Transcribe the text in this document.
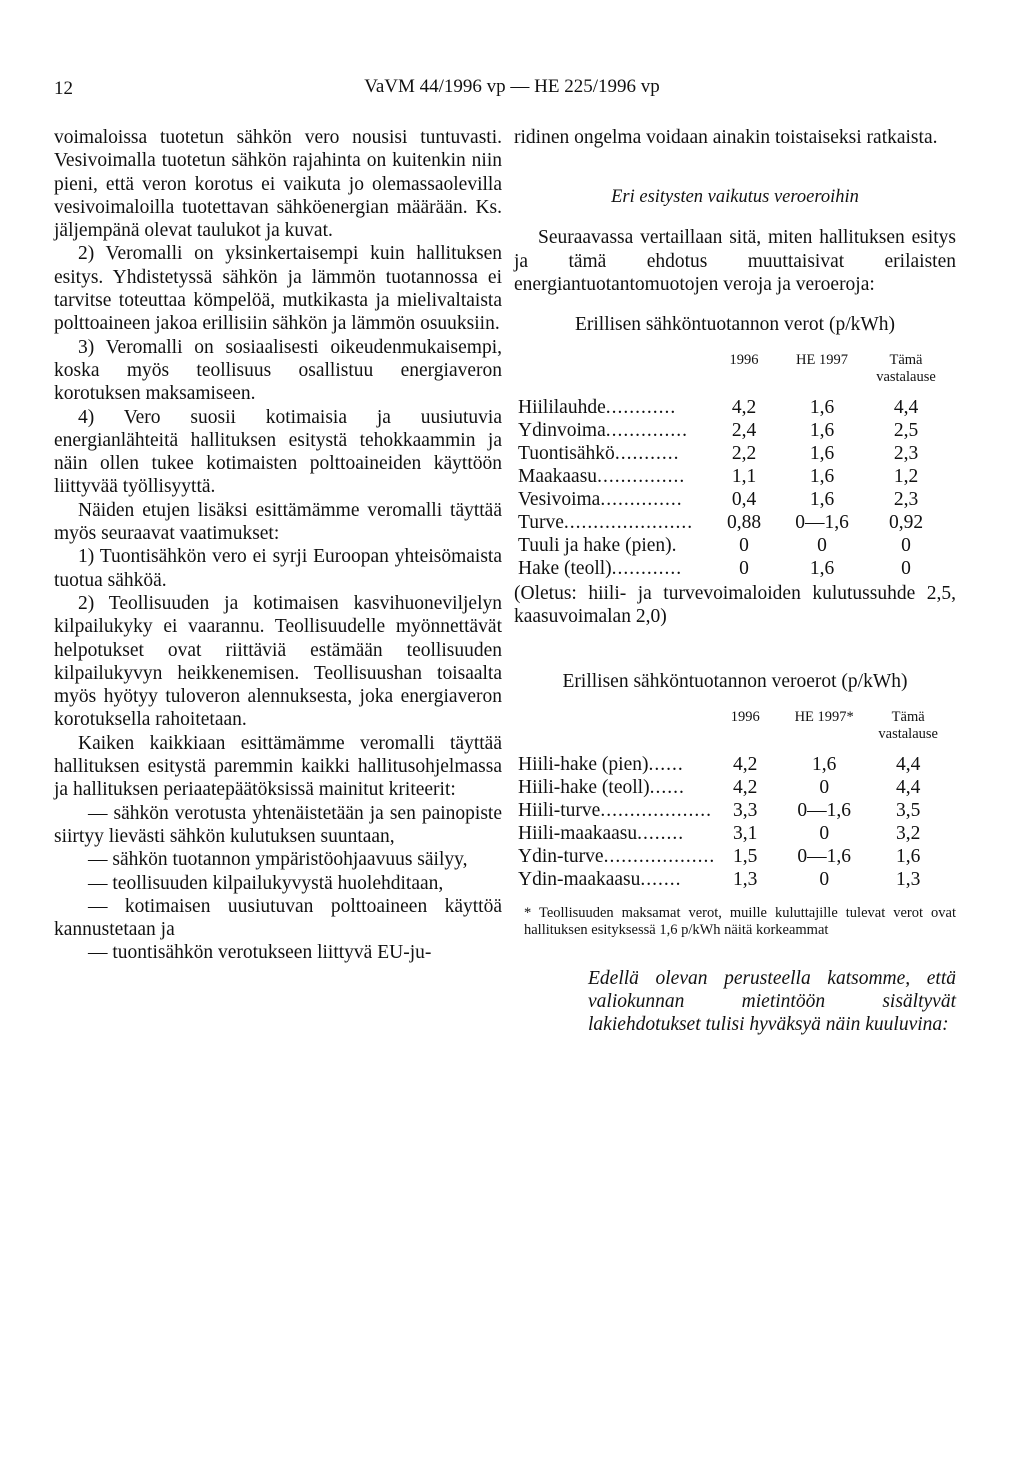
12	VaVM 44/1996 vp — HE 225/1996 vp

voimaloissa tuotetun sähkön vero nousisi tuntuvasti. Vesivoimalla tuotetun sähkön rajahinta on kuitenkin niin pieni, että veron korotus ei vaikuta jo olemassaolevilla vesivoimaloilla tuotettavan sähköenergian määrään. Ks. jäljempänä olevat taulukot ja kuvat.

2) Veromalli on yksinkertaisempi kuin hallituksen esitys. Yhdistetyssä sähkön ja lämmön tuotannossa ei tarvitse toteuttaa kömpelöä, mutkikasta ja mielivaltaista polttoaineen jakoa erillisiin sähkön ja lämmön osuuksiin.

3) Veromalli on sosiaalisesti oikeudenmukaisempi, koska myös teollisuus osallistuu energiaveron korotuksen maksamiseen.

4) Vero suosii kotimaisia ja uusiutuvia energianlähteitä hallituksen esitystä tehokkaammin ja näin ollen tukee kotimaisten polttoaineiden käyttöön liittyvää työllisyyttä.

Näiden etujen lisäksi esittämämme veromalli täyttää myös seuraavat vaatimukset:

1) Tuontisähkön vero ei syrji Euroopan yhteisömaista tuotua sähköä.

2) Teollisuuden ja kotimaisen kasvihuoneviljelyn kilpailukyky ei vaarannu. Teollisuudelle myönnettävät helpotukset ovat riittäviä estämään teollisuuden kilpailukyvyn heikkenemisen. Teollisuushan toisaalta myös hyötyy tuloveron alennuksesta, joka energiaveron korotuksella rahoitetaan.

Kaiken kaikkiaan esittämämme veromalli täyttää hallituksen esitystä paremmin kaikki hallitusohjelmassa ja hallituksen periaatepäätöksissä mainitut kriteerit:

— sähkön verotusta yhtenäistetään ja sen painopiste siirtyy lievästi sähkön kulutuksen suuntaan,

— sähkön tuotannon ympäristöohjaavuus säilyy,

— teollisuuden kilpailukyvystä huolehditaan,

— kotimaisen uusiutuvan polttoaineen käyttöä kannustetaan ja

— tuontisähkön verotukseen liittyvä EU-ju-

ridinen ongelma voidaan ainakin toistaiseksi ratkaista.

Eri esitysten vaikutus veroeroihin

Seuraavassa vertaillaan sitä, miten hallituksen esitys ja tämä ehdotus muuttaisivat erilaisten energiantuotantomuotojen veroja ja veroeroja:

Erillisen sähköntuotannon verot (p/kWh)
	1996	HE 1997	Tämä vastalause
Hiililauhde............	4,2	1,6	4,4
Ydinvoima..............	2,4	1,6	2,5
Tuontisähkö...........	2,2	1,6	2,3
Maakaasu...............	1,1	1,6	1,2
Vesivoima..............	0,4	1,6	2,3
Turve......................	0,88	0—1,6	0,92
Tuuli ja hake (pien).	0	0	0
Hake (teoll)............	0	1,6	0

(Oletus: hiili- ja turvevoimaloiden kulutussuhde 2,5, kaasuvoimalan 2,0)

Erillisen sähköntuotannon veroerot (p/kWh)
	1996	HE 1997*	Tämä vastalause
Hiili-hake (pien)......	4,2	1,6	4,4
Hiili-hake (teoll)......	4,2	0	4,4
Hiili-turve...................	3,3	0—1,6	3,5
Hiili-maakaasu........	3,1	0	3,2
Ydin-turve...................	1,5	0—1,6	1,6
Ydin-maakaasu.......	1,3	0	1,3
* Teollisuuden maksamat verot, muille kuluttajille tulevat verot ovat hallituksen esityksessä 1,6 p/kWh näitä korkeammat
Edellä olevan perusteella katsomme, että valiokunnan mietintöön sisältyvät lakiehdotukset tulisi hyväksyä näin kuuluvina:
